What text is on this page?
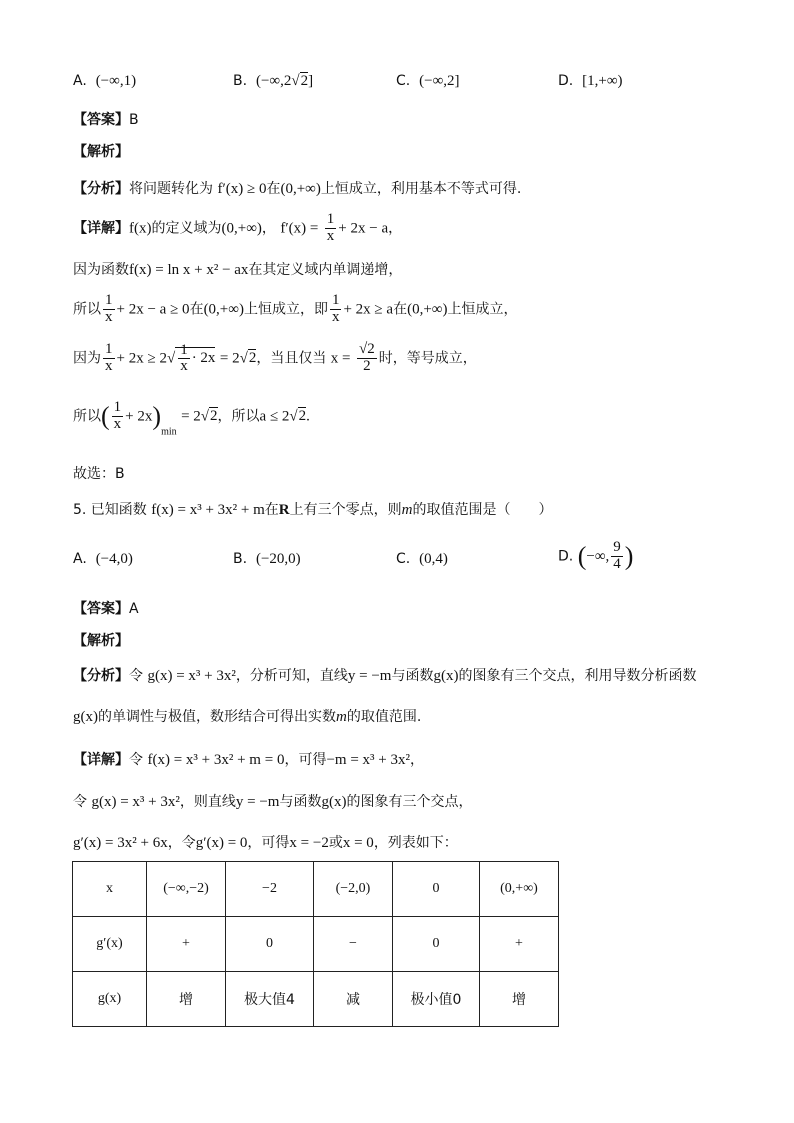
A. (−∞,1)	B. (−∞,2√2]	C. (−∞,2]	D. [1,+∞)
【答案】B
【解析】
【分析】将问题转化为 f′(x) ≥ 0在(0,+∞)上恒成立，利用基本不等式可得.
【详解】f(x)的定义域为(0,+∞)， $f'(x) = \frac{1}{x} + 2x - a$，
因为函数f(x) = ln x + x² − ax在其定义域内单调递增，
所以 $\frac{1}{x} + 2x - a \ge 0$在(0,+∞)上恒成立，即 $\frac{1}{x} + 2x \ge a$在(0,+∞)上恒成立，
因为 $\frac{1}{x} + 2x \ge 2√ \frac{1}{x} \cdot 2x = 2√2$，当且仅当 $x = \frac{√2}{2}$ 时，等号成立，
所以( $\frac{1}{x} + 2x)_{min} = 2√2$，所以a ≤ 2√2.
故选：B
5. 已知函数 f(x) = x³ + 3x² + m在R上有三个零点，则m的取值范围是（　　）
A. (−4,0)	B. (−20,0)	C. (0,4)	D. (−∞, $\frac{9}{4}$ )
【答案】A
【解析】
【分析】令 g(x) = x³ + 3x²，分析可知，直线y = −m与函数g(x)的图象有三个交点，利用导数分析函数
g(x)的单调性与极值，数形结合可得出实数m的取值范围.
【详解】令 f(x) = x³ + 3x² + m = 0，可得−m = x³ + 3x²，
令 g(x) = x³ + 3x²，则直线y = −m与函数g(x)的图象有三个交点，
g′(x) = 3x² + 6x，令g′(x) = 0，可得x = −2或x = 0，列表如下：
x	(−∞,−2)	−2	(−2,0)	0	(0,+∞)
g′(x)	+	0	−	0	+
g(x)	增	极大值4	减	极小值0	增
